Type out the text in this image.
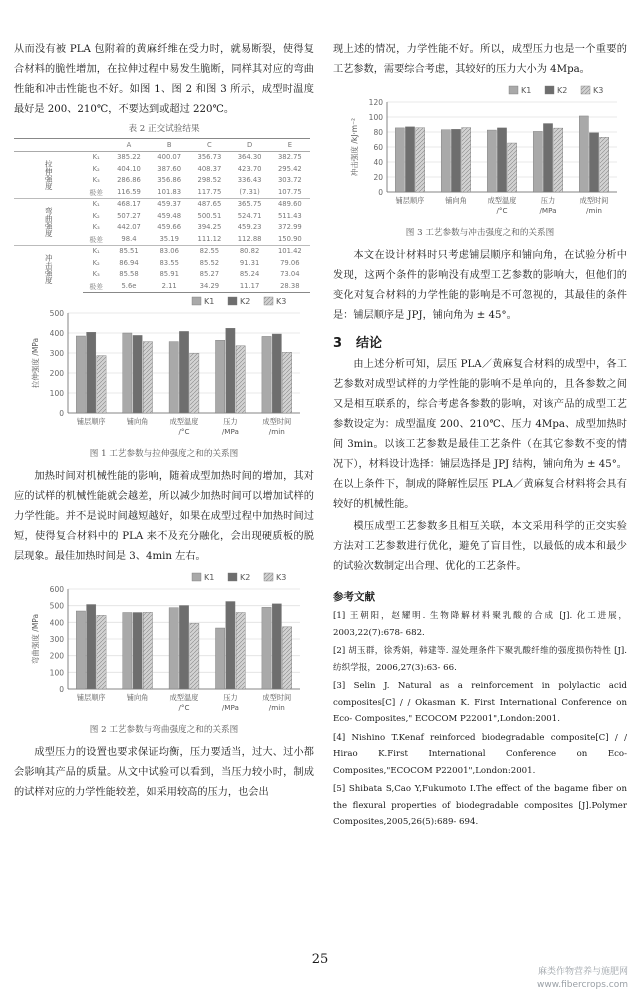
从而没有被 PLA 包附着的黄麻纤维在受力时，就易断裂，使得复合材料的脆性增加，在拉伸过程中易发生脆断，同样其对应的弯曲性能和冲击性能也不好。如图 1、图 2 和图 3 所示，成型时温度最好是 200、210℃，不要达到或超过 220℃。

表 2 正交试验结果
		A	B	C	D	E
拉伸强度	K₁	385.22	400.07	356.73	364.30	382.75
	K₂	404.10	387.60	408.37	423.70	295.42
	K₃	286.86	356.86	298.52	336.43	303.72
	极差	116.59	101.83	117.75	(7.31)	107.75
弯曲强度	K₁	468.17	459.37	487.65	365.75	489.60
	K₂	507.27	459.48	500.51	524.71	511.43
	K₃	442.07	459.66	394.25	459.23	372.99
	极差	98.4	35.19	111.12	112.88	150.90
冲击强度	K₁	85.51	83.06	82.55	80.82	101.42
	K₂	86.94	83.55	85.52	91.31	79.06
	K₃	85.58	85.91	85.27	85.24	73.04
	极差	5.6e	2.11	34.29	11.17	28.38
0
100
200
300
400
500
拉伸强度 /MPa
铺层顺序	铺向角	成型温度
/°C
压力
/MPa
成型时间
/min
K1	K2	K3
图 1 工艺参数与拉伸强度之和的关系图

加热时间对机械性能的影响，随着成型加热时间的增加，其对应的试样的机械性能就会越差，所以减少加热时间可以增加试样的力学性能。并不是说时间越短越好，如果在成型过程中加热时间过短，使得复合材料中的 PLA 来不及充分融化，会出现硬质板的脱层现象。最佳加热时间是 3、4min 左右。

0
100
200
300
400
500
600
弯曲强度 /MPa
铺层顺序	铺向角	成型温度
/°C
压力
/MPa
成型时间
/min
K1	K2	K3
图 2 工艺参数与弯曲强度之和的关系图

成型压力的设置也要求保证均衡，压力要适当，过大、过小都会影响其产品的质量。从文中试验可以看到，当压力较小时，制成的试样对应的力学性能较差，如采用较高的压力，也会出

现上述的情况，力学性能不好。所以，成型压力也是一个重要的工艺参数，需要综合考虑，其较好的压力大小为 4Mpa。

0
20
40
60
80
100
120
冲击强度 /kJ·m⁻²
铺层顺序	铺向角	成型温度
/°C
压力
/MPa
成型时间
/min
K1	K2	K3
图 3 工艺参数与冲击强度之和的关系图

本文在设计材料时只考虑铺层顺序和铺向角，在试验分析中发现，这两个条件的影响没有成型工艺参数的影响大，但他们的变化对复合材料的力学性能的影响是不可忽视的，其最佳的条件是：铺层顺序是 JPJ，铺向角为 ± 45°。

3 结论

由上述分析可知，层压 PLA／黄麻复合材料的成型中，各工艺参数对成型试样的力学性能的影响不是单向的，且各参数之间又是相互联系的，综合考虑各参数的影响，对该产品的成型工艺参数设定为：成型温度 200、210℃、压力 4Mpa、成型加热时间 3min。以该工艺参数是最佳工艺条件（在其它参数不变的情况下），材料设计选择：铺层选择是 JPJ 结构，铺向角为 ± 45°。在以上条件下，制成的降解性层压 PLA／黄麻复合材料将会具有较好的机械性能。

模压成型工艺参数多且相互关联，本文采用科学的正交实验方法对工艺参数进行优化，避免了盲目性，以最低的成本和最少的试验次数制定出合理、优化的工艺条件。

参考文献

[1] 王朝阳，赵耀明. 生物降解材料聚乳酸的合成 [J]. 化工进展，2003,22(7):678- 682.

[2] 胡玉群，徐秀娟，韩建等. 湿处理条件下聚乳酸纤维的强度损伤特性 [J]. 纺织学报，2006,27(3):63- 66.

[3] Selin J. Natural as a reinforcement in polylactic acid composites[C] / / Okasman K. First International Conference on Eco- Composites," ECOCOM P22001",London:2001.

[4] Nishino T.Kenaf reinforced biodegradable composite[C] / / Hirao K.First International Conference on Eco- Composites,"ECOCOM P22001",London:2001.

[5] Shibata S,Cao Y,Fukumoto I.The effect of the bagame fiber on the flexural properties of biodegradable composites [J].Polymer Composites,2005,26(5):689- 694.

25
麻类作物营养与施肥网
www.fibercrops.com
